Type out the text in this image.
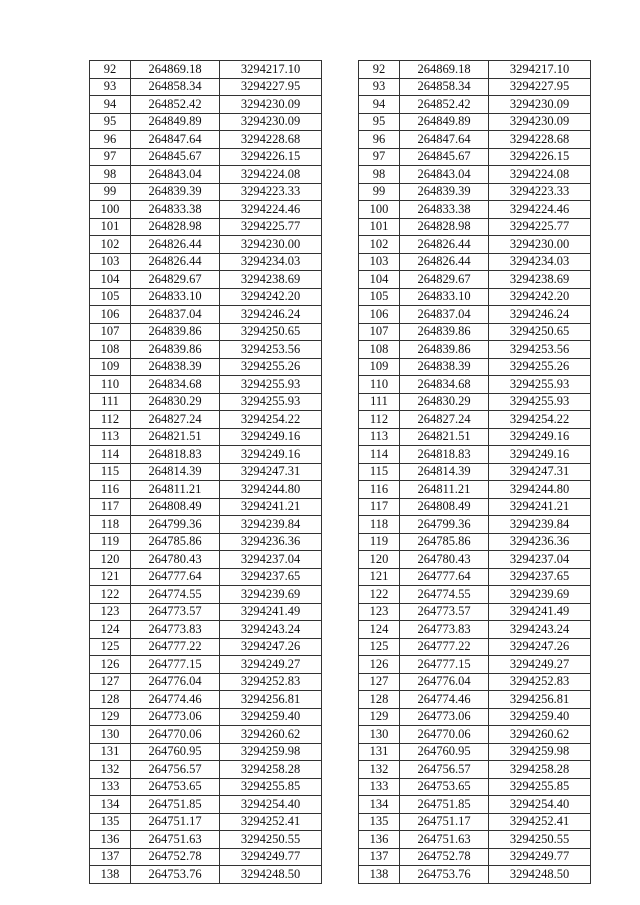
92	264869.18	3294217.10
93	264858.34	3294227.95
94	264852.42	3294230.09
95	264849.89	3294230.09
96	264847.64	3294228.68
97	264845.67	3294226.15
98	264843.04	3294224.08
99	264839.39	3294223.33
100	264833.38	3294224.46
101	264828.98	3294225.77
102	264826.44	3294230.00
103	264826.44	3294234.03
104	264829.67	3294238.69
105	264833.10	3294242.20
106	264837.04	3294246.24
107	264839.86	3294250.65
108	264839.86	3294253.56
109	264838.39	3294255.26
110	264834.68	3294255.93
111	264830.29	3294255.93
112	264827.24	3294254.22
113	264821.51	3294249.16
114	264818.83	3294249.16
115	264814.39	3294247.31
116	264811.21	3294244.80
117	264808.49	3294241.21
118	264799.36	3294239.84
119	264785.86	3294236.36
120	264780.43	3294237.04
121	264777.64	3294237.65
122	264774.55	3294239.69
123	264773.57	3294241.49
124	264773.83	3294243.24
125	264777.22	3294247.26
126	264777.15	3294249.27
127	264776.04	3294252.83
128	264774.46	3294256.81
129	264773.06	3294259.40
130	264770.06	3294260.62
131	264760.95	3294259.98
132	264756.57	3294258.28
133	264753.65	3294255.85
134	264751.85	3294254.40
135	264751.17	3294252.41
136	264751.63	3294250.55
137	264752.78	3294249.77
138	264753.76	3294248.50
92	264869.18	3294217.10
93	264858.34	3294227.95
94	264852.42	3294230.09
95	264849.89	3294230.09
96	264847.64	3294228.68
97	264845.67	3294226.15
98	264843.04	3294224.08
99	264839.39	3294223.33
100	264833.38	3294224.46
101	264828.98	3294225.77
102	264826.44	3294230.00
103	264826.44	3294234.03
104	264829.67	3294238.69
105	264833.10	3294242.20
106	264837.04	3294246.24
107	264839.86	3294250.65
108	264839.86	3294253.56
109	264838.39	3294255.26
110	264834.68	3294255.93
111	264830.29	3294255.93
112	264827.24	3294254.22
113	264821.51	3294249.16
114	264818.83	3294249.16
115	264814.39	3294247.31
116	264811.21	3294244.80
117	264808.49	3294241.21
118	264799.36	3294239.84
119	264785.86	3294236.36
120	264780.43	3294237.04
121	264777.64	3294237.65
122	264774.55	3294239.69
123	264773.57	3294241.49
124	264773.83	3294243.24
125	264777.22	3294247.26
126	264777.15	3294249.27
127	264776.04	3294252.83
128	264774.46	3294256.81
129	264773.06	3294259.40
130	264770.06	3294260.62
131	264760.95	3294259.98
132	264756.57	3294258.28
133	264753.65	3294255.85
134	264751.85	3294254.40
135	264751.17	3294252.41
136	264751.63	3294250.55
137	264752.78	3294249.77
138	264753.76	3294248.50
